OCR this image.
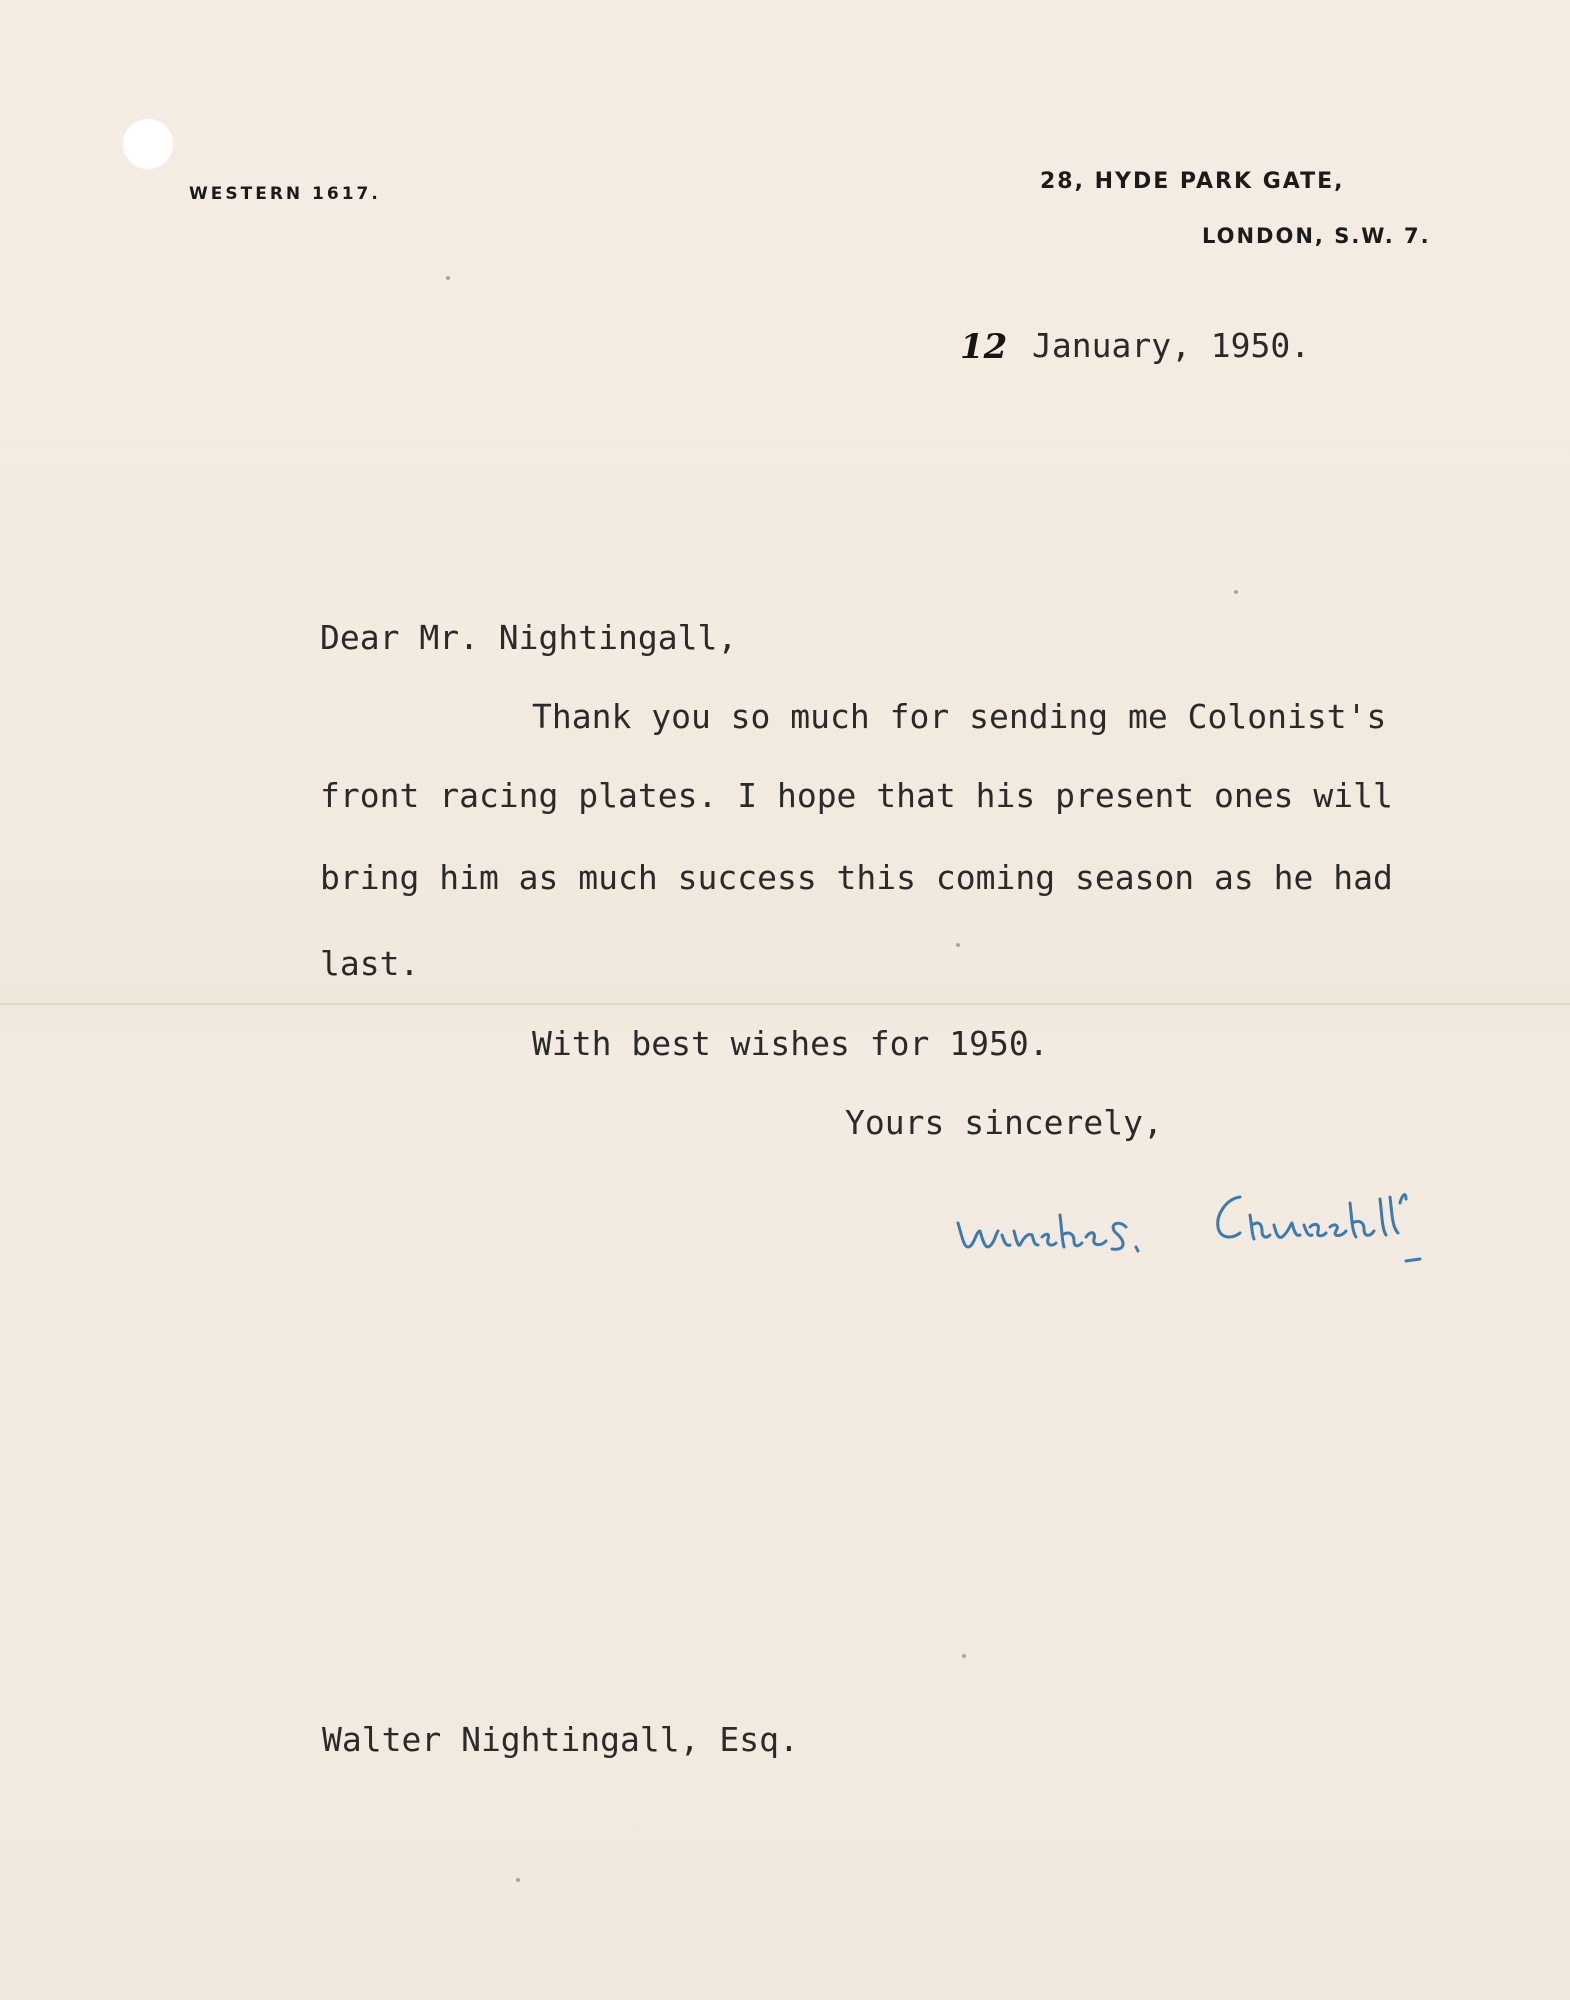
WESTERN 1617.	28, HYDE PARK GATE,
LONDON, S.W. 7.
12 January, 1950.
Dear Mr. Nightingall,
Thank you so much for sending me Colonist's
front racing plates. I hope that his present ones will
bring him as much success this coming season as he had
last.
With best wishes for 1950.
Yours sincerely,
Walter Nightingall, Esq.
